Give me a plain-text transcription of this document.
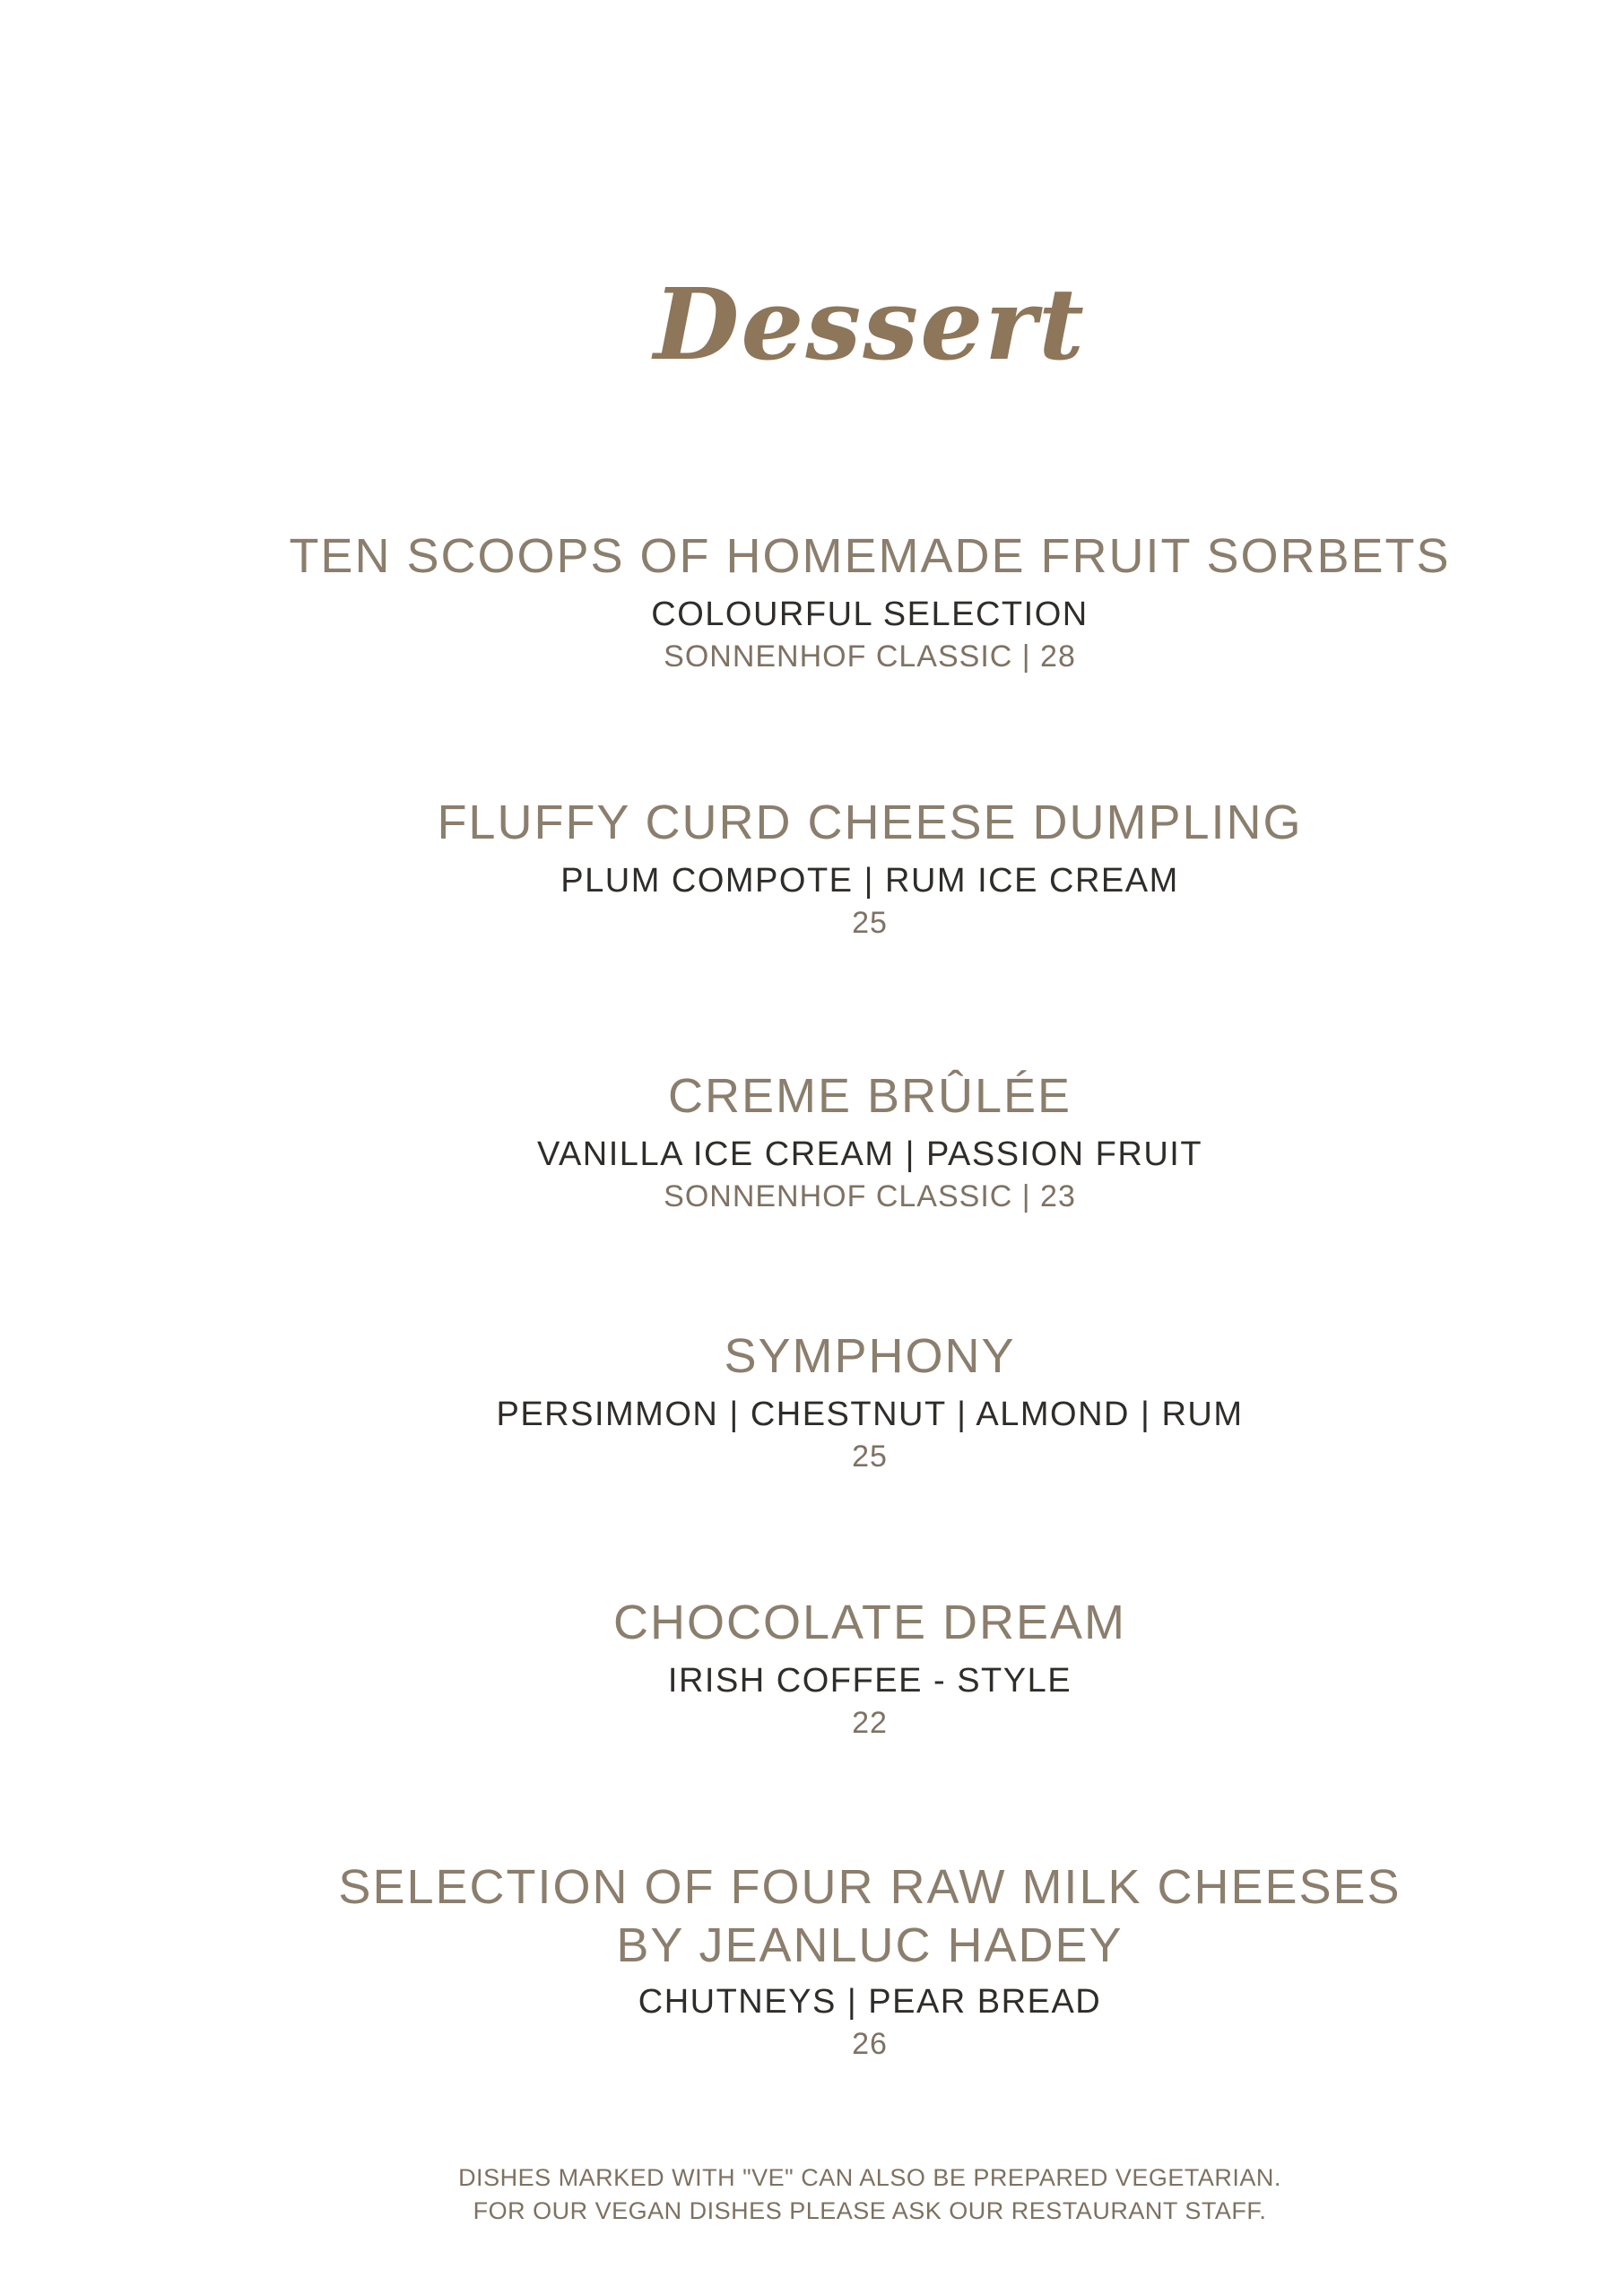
Dessert
TEN SCOOPS OF HOMEMADE FRUIT SORBETS
COLOURFUL SELECTION
SONNENHOF CLASSIC | 28
FLUFFY CURD CHEESE DUMPLING
PLUM COMPOTE | RUM ICE CREAM
25
CREME BRÛLÉE
VANILLA ICE CREAM | PASSION FRUIT
SONNENHOF CLASSIC | 23
SYMPHONY
PERSIMMON | CHESTNUT | ALMOND | RUM
25
CHOCOLATE DREAM
IRISH COFFEE - STYLE
22
SELECTION OF FOUR RAW MILK CHEESES
BY JEANLUC HADEY
CHUTNEYS | PEAR BREAD
26
DISHES MARKED WITH "VE" CAN ALSO BE PREPARED VEGETARIAN.
FOR OUR VEGAN DISHES PLEASE ASK OUR RESTAURANT STAFF.
